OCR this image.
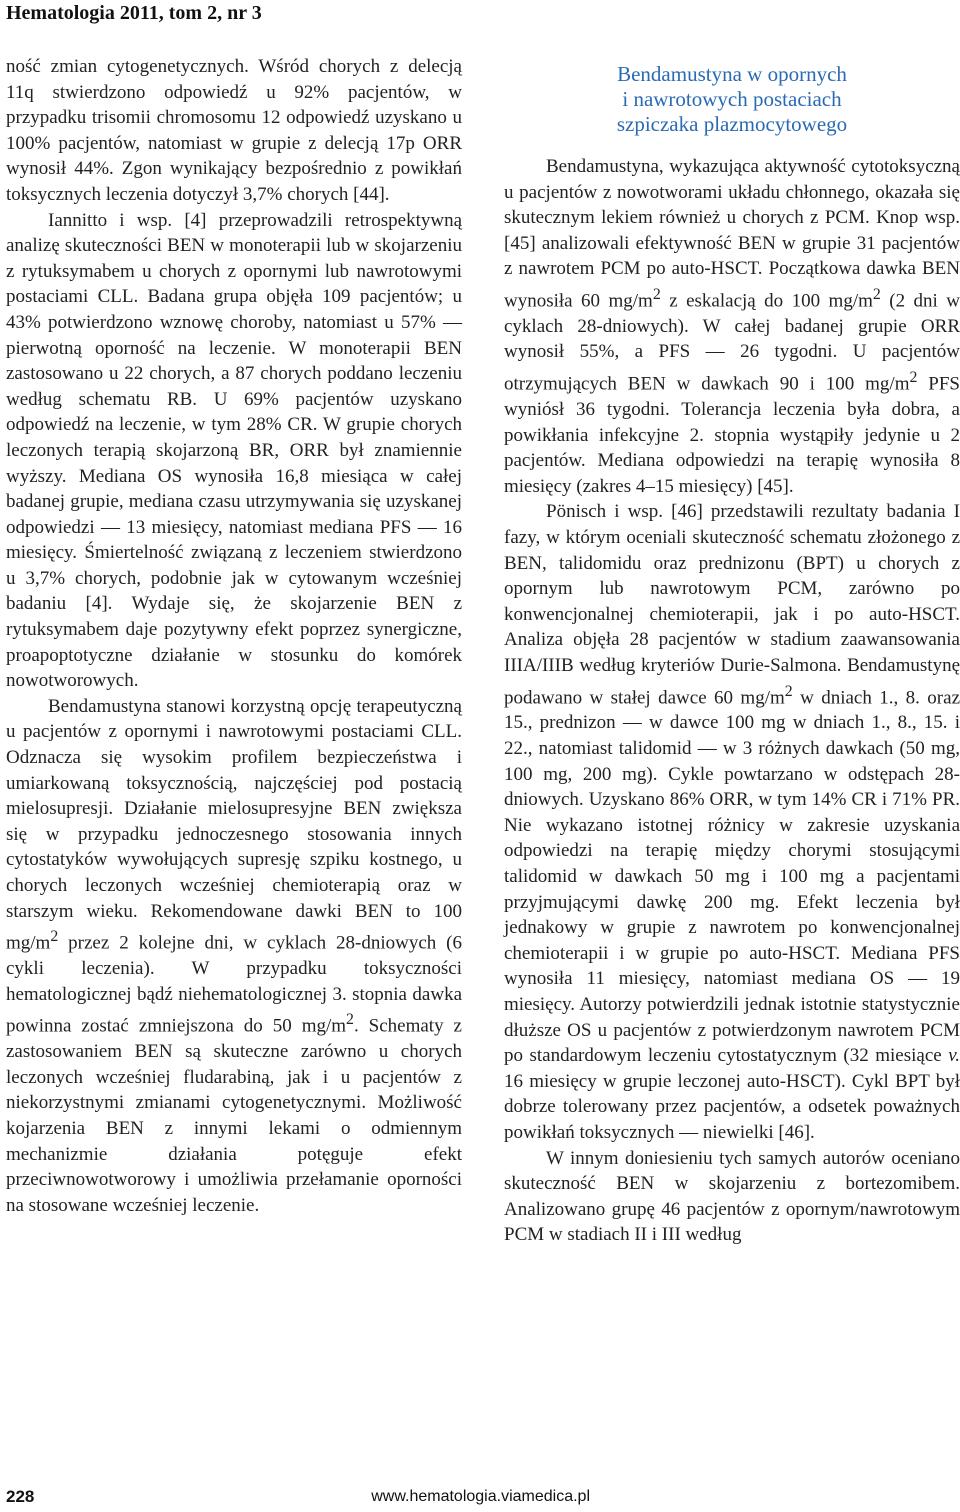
Hematologia 2011, tom 2, nr 3

ność zmian cytogenetycznych. Wśród chorych z delecją 11q stwierdzono odpowiedź u 92% pacjentów, w przypadku trisomii chromosomu 12 odpowiedź uzyskano u 100% pacjentów, natomiast w grupie z delecją 17p ORR wynosił 44%. Zgon wynikający bezpośrednio z powikłań toksycznych leczenia dotyczył 3,7% chorych [44].

Iannitto i wsp. [4] przeprowadzili retrospektywną analizę skuteczności BEN w monoterapii lub w skojarzeniu z rytuksymabem u chorych z opornymi lub nawrotowymi postaciami CLL. Badana grupa objęła 109 pacjentów; u 43% potwierdzono wznowę choroby, natomiast u 57% — pierwotną oporność na leczenie. W monoterapii BEN zastosowano u 22 chorych, a 87 chorych poddano leczeniu według schematu RB. U 69% pacjentów uzyskano odpowiedź na leczenie, w tym 28% CR. W grupie chorych leczonych terapią skojarzoną BR, ORR był znamiennie wyższy. Mediana OS wynosiła 16,8 miesiąca w całej badanej grupie, mediana czasu utrzymywania się uzyskanej odpowiedzi — 13 miesięcy, natomiast mediana PFS — 16 miesięcy. Śmiertelność związaną z leczeniem stwierdzono u 3,7% chorych, podobnie jak w cytowanym wcześniej badaniu [4]. Wydaje się, że skojarzenie BEN z rytuksymabem daje pozytywny efekt poprzez synergiczne, proapoptotyczne działanie w stosunku do komórek nowotworowych.

Bendamustyna stanowi korzystną opcję terapeutyczną u pacjentów z opornymi i nawrotowymi postaciami CLL. Odznacza się wysokim profilem bezpieczeństwa i umiarkowaną toksycznością, najczęściej pod postacią mielosupresji. Działanie mielosupresyjne BEN zwiększa się w przypadku jednoczesnego stosowania innych cytostatyków wywołujących supresję szpiku kostnego, u chorych leczonych wcześniej chemioterapią oraz w starszym wieku. Rekomendowane dawki BEN to 100 $mg/m^2$ przez 2 kolejne dni, w cyklach 28-dniowych (6 cykli leczenia). W przypadku toksyczności hematologicznej bądź niehematologicznej 3. stopnia dawka powinna zostać zmniejszona do 50 $mg/m^2$. Schematy z zastosowaniem BEN są skuteczne zarówno u chorych leczonych wcześniej fludarabiną, jak i u pacjentów z niekorzystnymi zmianami cytogenetycznymi. Możliwość kojarzenia BEN z innymi lekami o odmiennym mechanizmie działania potęguje efekt przeciwnowotworowy i umożliwia przełamanie oporności na stosowane wcześniej leczenie.

Bendamustyna w opornych
i nawrotowych postaciach
szpiczaka plazmocytowego

Bendamustyna, wykazująca aktywność cytotoksyczną u pacjentów z nowotworami układu chłonnego, okazała się skutecznym lekiem również u chorych z PCM. Knop wsp. [45] analizowali efektywność BEN w grupie 31 pacjentów z nawrotem PCM po auto-HSCT. Początkowa dawka BEN wynosiła 60 $mg/m^2$ z eskalacją do 100 $mg/m^2$ (2 dni w cyklach 28-dniowych). W całej badanej grupie ORR wynosił 55%, a PFS — 26 tygodni. U pacjentów otrzymujących BEN w dawkach 90 i 100 $mg/m^2$ PFS wyniósł 36 tygodni. Tolerancja leczenia była dobra, a powikłania infekcyjne 2. stopnia wystąpiły jedynie u 2 pacjentów. Mediana odpowiedzi na terapię wynosiła 8 miesięcy (zakres 4–15 miesięcy) [45].

Pönisch i wsp. [46] przedstawili rezultaty badania I fazy, w którym oceniali skuteczność schematu złożonego z BEN, talidomidu oraz prednizonu (BPT) u chorych z opornym lub nawrotowym PCM, zarówno po konwencjonalnej chemioterapii, jak i po auto-HSCT. Analiza objęła 28 pacjentów w stadium zaawansowania IIIA/IIIB według kryteriów Durie-Salmona. Bendamustynę podawano w stałej dawce 60 $mg/m^2$ w dniach 1., 8. oraz 15., prednizon — w dawce 100 mg w dniach 1., 8., 15. i 22., natomiast talidomid — w 3 różnych dawkach (50 mg, 100 mg, 200 mg). Cykle powtarzano w odstępach 28-dniowych. Uzyskano 86% ORR, w tym 14% CR i 71% PR. Nie wykazano istotnej różnicy w zakresie uzyskania odpowiedzi na terapię między chorymi stosującymi talidomid w dawkach 50 mg i 100 mg a pacjentami przyjmującymi dawkę 200 mg. Efekt leczenia był jednakowy w grupie z nawrotem po konwencjonalnej chemioterapii i w grupie po auto-HSCT. Mediana PFS wynosiła 11 miesięcy, natomiast mediana OS — 19 miesięcy. Autorzy potwierdzili jednak istotnie statystycznie dłuższe OS u pacjentów z potwierdzonym nawrotem PCM po standardowym leczeniu cytostatycznym (32 miesiące v. 16 miesięcy w grupie leczonej auto-HSCT). Cykl BPT był dobrze tolerowany przez pacjentów, a odsetek poważnych powikłań toksycznych — niewielki [46].

W innym doniesieniu tych samych autorów oceniano skuteczność BEN w skojarzeniu z bortezomibem. Analizowano grupę 46 pacjentów z opornym/nawrotowym PCM w stadiach II i III według

228	www.hematologia.viamedica.pl
